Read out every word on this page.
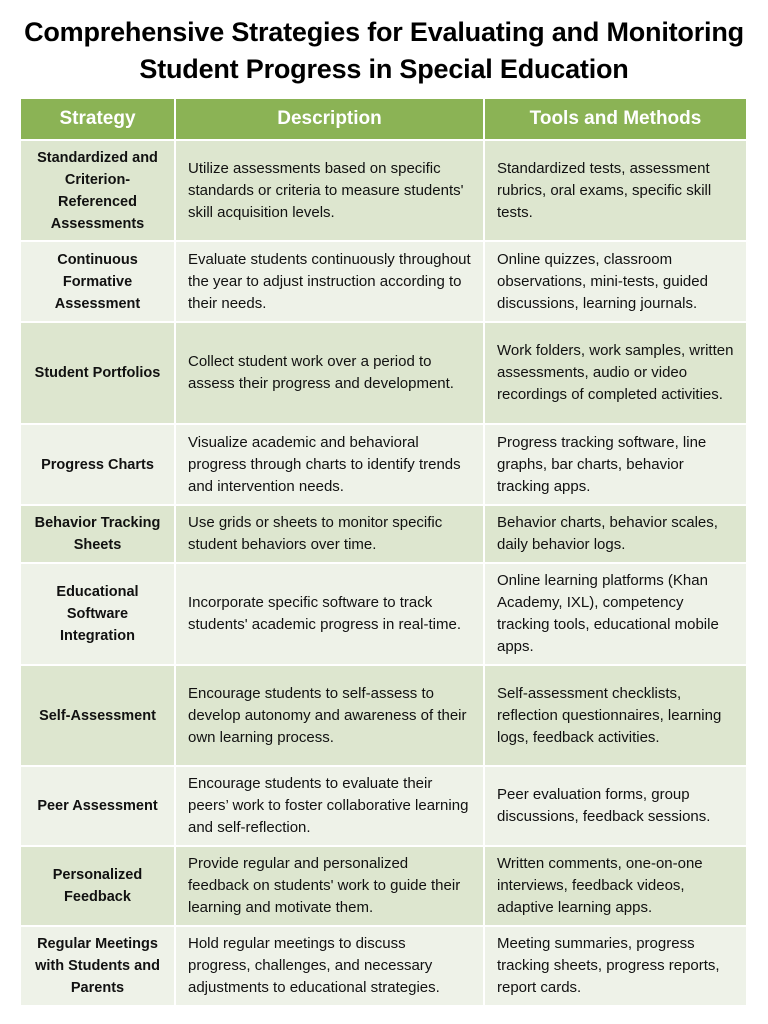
Comprehensive Strategies for Evaluating and Monitoring
Student Progress in Special Education
Strategy	Description	Tools and Methods
Standardized and Criterion-Referenced Assessments	Utilize assessments based on specific standards or criteria to measure students' skill acquisition levels.	Standardized tests, assessment rubrics, oral exams, specific skill tests.
Continuous Formative Assessment	Evaluate students continuously throughout the year to adjust instruction according to their needs.	Online quizzes, classroom observations, mini-tests, guided discussions, learning journals.
Student Portfolios	Collect student work over a period to assess their progress and development.	Work folders, work samples, written assessments, audio or video recordings of completed activities.
Progress Charts	Visualize academic and behavioral progress through charts to identify trends and intervention needs.	Progress tracking software, line graphs, bar charts, behavior tracking apps.
Behavior Tracking Sheets	Use grids or sheets to monitor specific student behaviors over time.	Behavior charts, behavior scales, daily behavior logs.
Educational Software Integration	Incorporate specific software to track students' academic progress in real-time.	Online learning platforms (Khan Academy, IXL), competency tracking tools, educational mobile apps.
Self-Assessment	Encourage students to self-assess to develop autonomy and awareness of their own learning process.	Self-assessment checklists, reflection questionnaires, learning logs, feedback activities.
Peer Assessment	Encourage students to evaluate their peers’ work to foster collaborative learning and self-reflection.	Peer evaluation forms, group discussions, feedback sessions.
Personalized Feedback	Provide regular and personalized feedback on students' work to guide their learning and motivate them.	Written comments, one-on-one interviews, feedback videos, adaptive learning apps.
Regular Meetings with Students and Parents	Hold regular meetings to discuss progress, challenges, and necessary adjustments to educational strategies.	Meeting summaries, progress tracking sheets, progress reports, report cards.
